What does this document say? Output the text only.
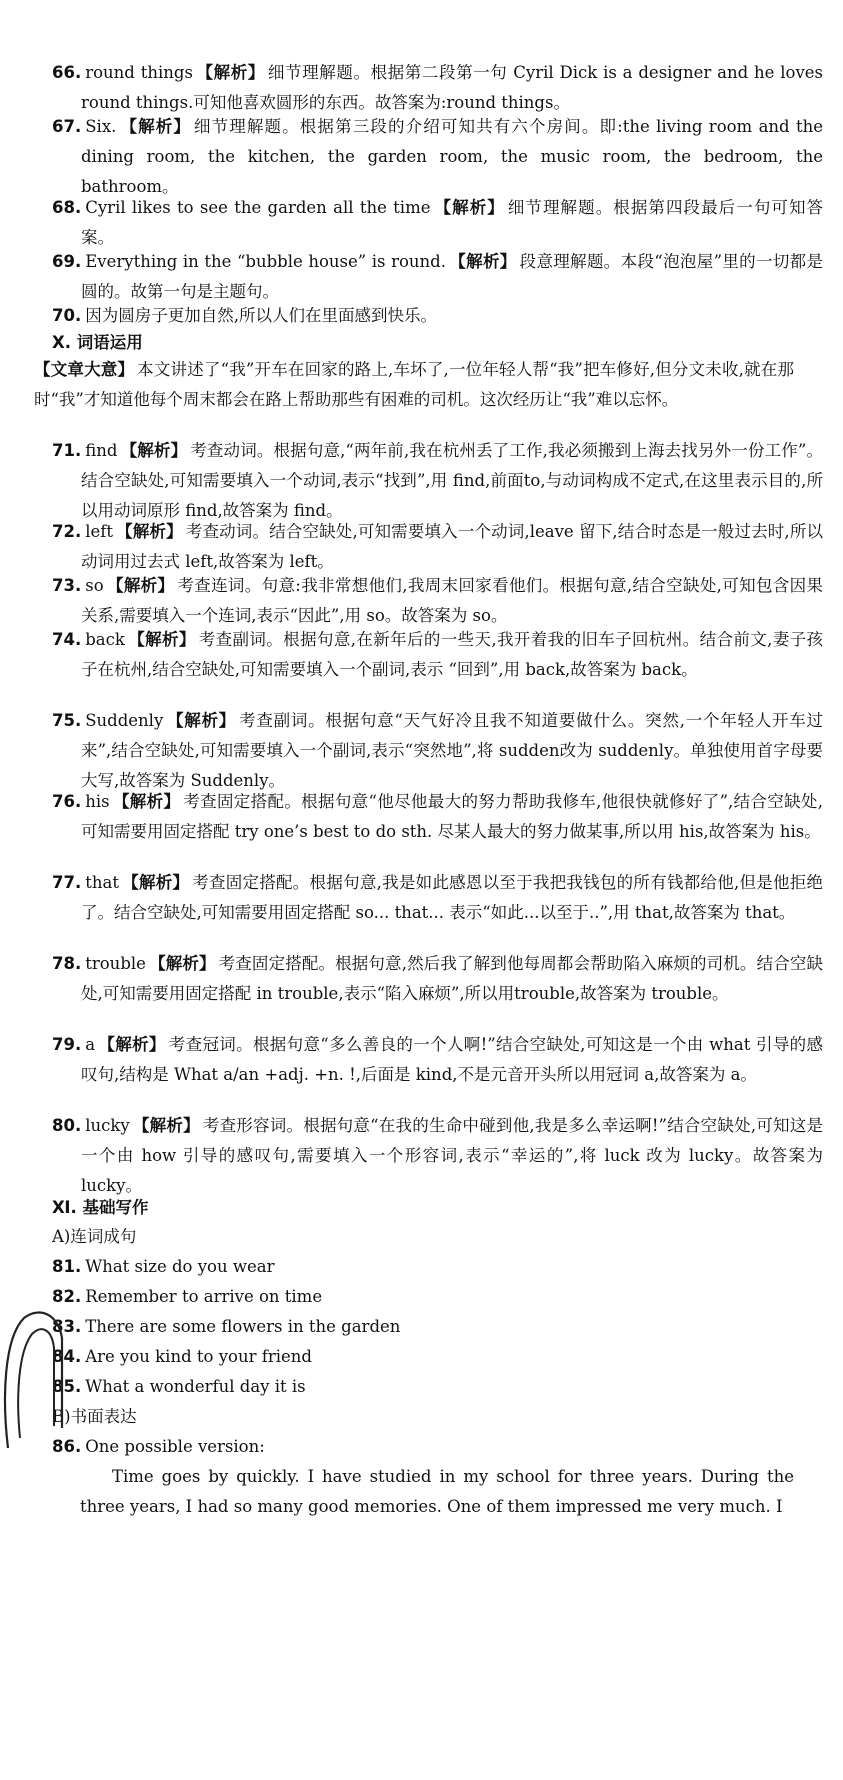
66. round things 【解析】 细节理解题。根据第二段第一句 Cyril Dick is a designer and he loves round things.可知他喜欢圆形的东西。故答案为:round things。
67. Six. 【解析】 细节理解题。根据第三段的介绍可知共有六个房间。即:the living room and the dining room, the kitchen, the garden room, the music room, the bedroom, the bathroom。
68. Cyril likes to see the garden all the time 【解析】 细节理解题。根据第四段最后一句可知答案。
69. Everything in the “bubble house” is round. 【解析】 段意理解题。本段“泡泡屋”里的一切都是圆的。故第一句是主题句。
70. 因为圆房子更加自然,所以人们在里面感到快乐。
Ⅹ. 词语运用
【文章大意】 本文讲述了“我”开车在回家的路上,车坏了,一位年轻人帮“我”把车修好,但分文未收,就在那时“我”才知道他每个周末都会在路上帮助那些有困难的司机。这次经历让“我”难以忘怀。
71. find 【解析】 考查动词。根据句意,“两年前,我在杭州丢了工作,我必须搬到上海去找另外一份工作”。结合空缺处,可知需要填入一个动词,表示“找到”,用 find,前面to,与动词构成不定式,在这里表示目的,所以用动词原形 find,故答案为 find。
72. left 【解析】 考查动词。结合空缺处,可知需要填入一个动词,leave 留下,结合时态是一般过去时,所以动词用过去式 left,故答案为 left。
73. so 【解析】 考查连词。句意:我非常想他们,我周末回家看他们。根据句意,结合空缺处,可知包含因果关系,需要填入一个连词,表示“因此”,用 so。故答案为 so。
74. back 【解析】 考查副词。根据句意,在新年后的一些天,我开着我的旧车子回杭州。结合前文,妻子孩子在杭州,结合空缺处,可知需要填入一个副词,表示 “回到”,用 back,故答案为 back。
75. Suddenly 【解析】 考查副词。根据句意“天气好冷且我不知道要做什么。突然,一个年轻人开车过来”,结合空缺处,可知需要填入一个副词,表示“突然地”,将 sudden改为 suddenly。单独使用首字母要大写,故答案为 Suddenly。
76. his 【解析】 考查固定搭配。根据句意“他尽他最大的努力帮助我修车,他很快就修好了”,结合空缺处,可知需要用固定搭配 try one’s best to do sth. 尽某人最大的努力做某事,所以用 his,故答案为 his。
77. that 【解析】 考查固定搭配。根据句意,我是如此感恩以至于我把我钱包的所有钱都给他,但是他拒绝了。结合空缺处,可知需要用固定搭配 so... that... 表示“如此...以至于..”,用 that,故答案为 that。
78. trouble 【解析】 考查固定搭配。根据句意,然后我了解到他每周都会帮助陷入麻烦的司机。结合空缺处,可知需要用固定搭配 in trouble,表示“陷入麻烦”,所以用trouble,故答案为 trouble。
79. a 【解析】 考查冠词。根据句意“多么善良的一个人啊!”结合空缺处,可知这是一个由 what 引导的感叹句,结构是 What a/an +adj. +n. !,后面是 kind,不是元音开头所以用冠词 a,故答案为 a。
80. lucky 【解析】 考查形容词。根据句意“在我的生命中碰到他,我是多么幸运啊!”结合空缺处,可知这是一个由 how 引导的感叹句,需要填入一个形容词,表示“幸运的”,将 luck 改为 lucky。故答案为 lucky。
Ⅺ. 基础写作
A)连词成句
81. What size do you wear
82. Remember to arrive on time
83. There are some flowers in the garden
84. Are you kind to your friend
85. What a wonderful day it is
B)书面表达
86. One possible version:
Time goes by quickly. I have studied in my school for three years. During the three years, I had so many good memories. One of them impressed me very much. I
